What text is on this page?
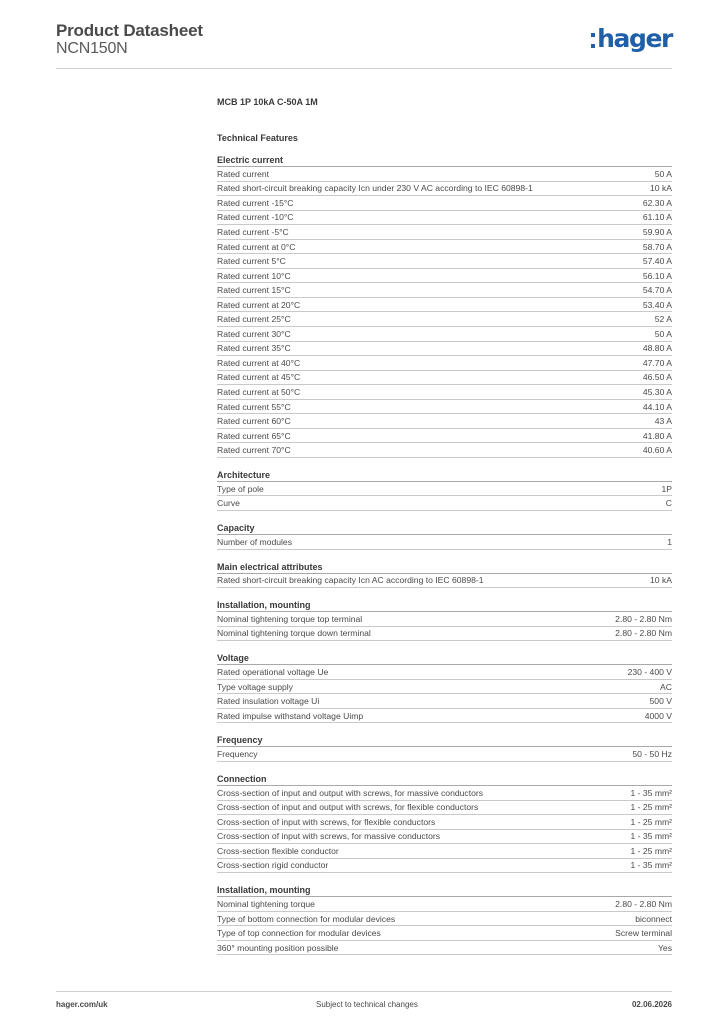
Product Datasheet
NCN150N	hager
MCB 1P 10kA C-50A 1M
Technical Features
Electric current
Rated current	50 A
Rated short-circuit breaking capacity Icn under 230 V AC according to IEC 60898-1	10 kA
Rated current -15°C	62.30 A
Rated current -10°C	61.10 A
Rated current -5°C	59.90 A
Rated current at 0°C	58.70 A
Rated current 5°C	57.40 A
Rated current 10°C	56.10 A
Rated current 15°C	54.70 A
Rated current at 20°C	53.40 A
Rated current 25°C	52 A
Rated current 30°C	50 A
Rated current 35°C	48.80 A
Rated current at 40°C	47.70 A
Rated current at 45°C	46.50 A
Rated current at 50°C	45.30 A
Rated current 55°C	44.10 A
Rated current 60°C	43 A
Rated current 65°C	41.80 A
Rated current 70°C	40.60 A
Architecture
Type of pole	1P
Curve	C
Capacity
Number of modules	1
Main electrical attributes
Rated short-circuit breaking capacity Icn AC according to IEC 60898-1	10 kA
Installation, mounting
Nominal tightening torque top terminal	2.80 - 2.80 Nm
Nominal tightening torque down terminal	2.80 - 2.80 Nm
Voltage
Rated operational voltage Ue	230 - 400 V
Type voltage supply	AC
Rated insulation voltage Ui	500 V
Rated impulse withstand voltage Uimp	4000 V
Frequency
Frequency	50 - 50 Hz
Connection
Cross-section of input and output with screws, for massive conductors	1 - 35 mm²
Cross-section of input and output with screws, for flexible conductors	1 - 25 mm²
Cross-section of input with screws, for flexible conductors	1 - 25 mm²
Cross-section of input with screws, for massive conductors	1 - 35 mm²
Cross-section flexible conductor	1 - 25 mm²
Cross-section rigid conductor	1 - 35 mm²
Installation, mounting
Nominal tightening torque	2.80 - 2.80 Nm
Type of bottom connection for modular devices	biconnect
Type of top connection for modular devices	Screw terminal
360° mounting position possible	Yes
hager.com/uk	Subject to technical changes	02.06.2026
